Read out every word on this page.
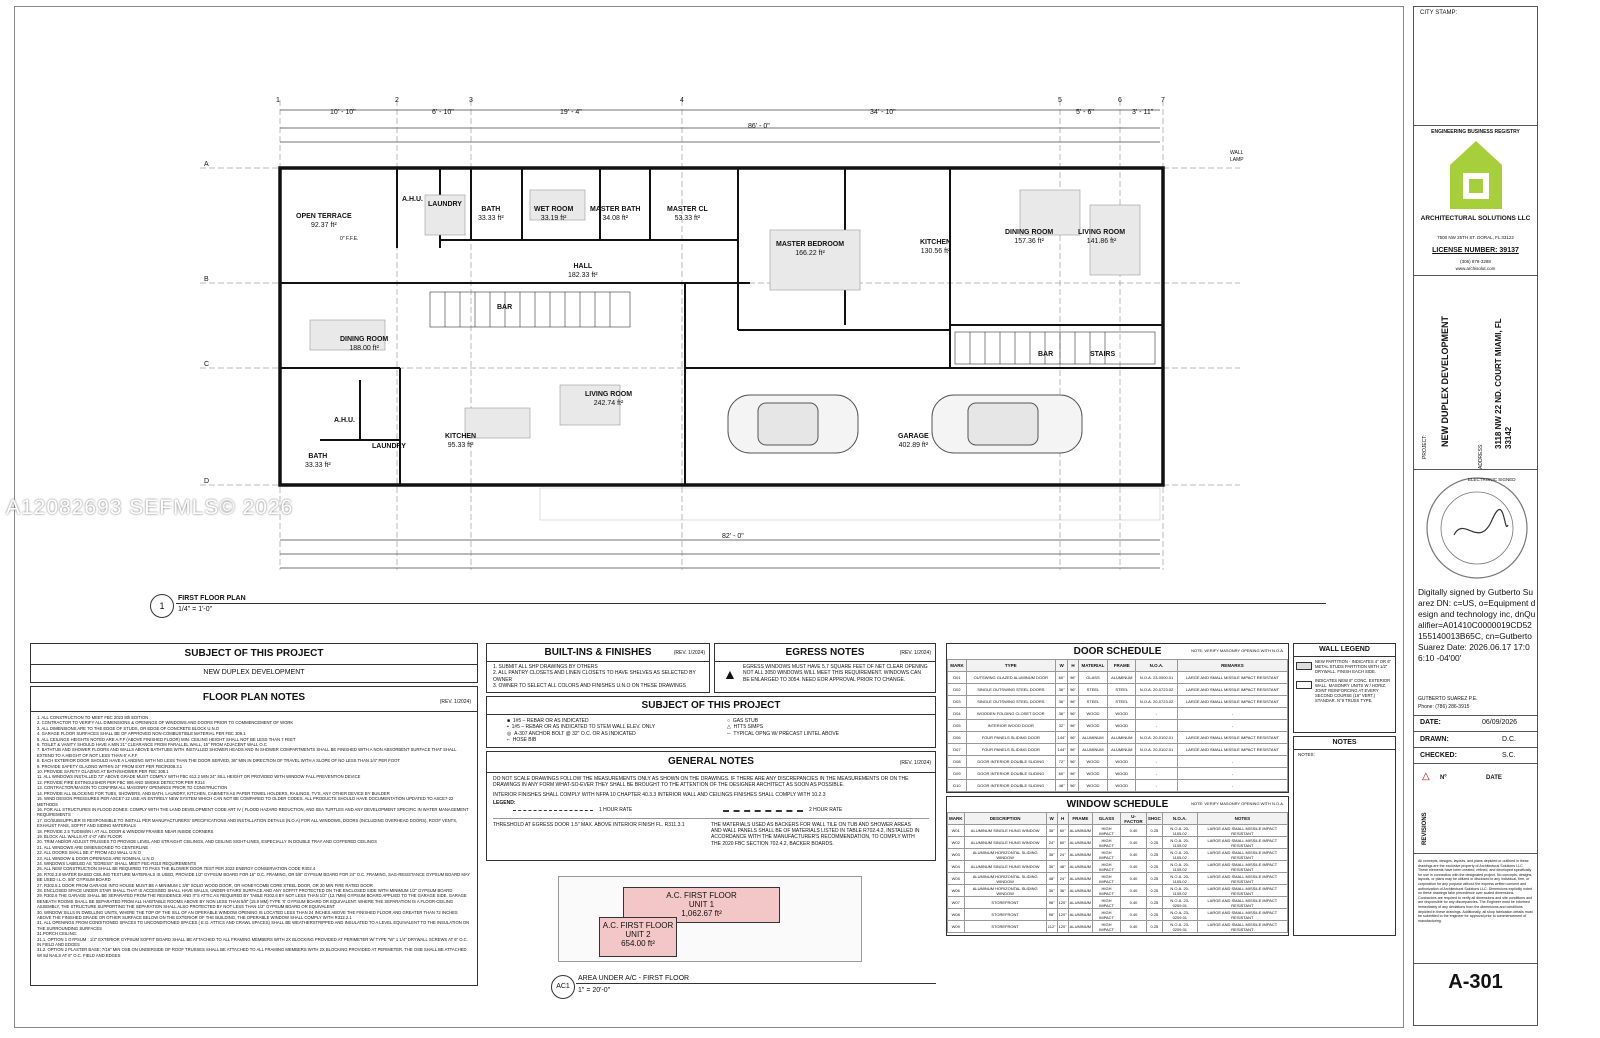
1	2	3	4	5	6	7
A
B
C
D
10' - 10"	6' - 10"	19' - 4"	34' - 10"	5' - 6"	3' - 11"
86' - 0"
82' - 0"
OPEN TERRACE
92.37 ft²
A.H.U.
LAUNDRY
BATH
33.33 ft²
WET ROOM
33.19 ft²
MASTER BATH
34.08 ft²
MASTER CL
53.33 ft²
HALL
182.33 ft²
MASTER BEDROOM
166.22 ft²
KITCHEN
130.56 ft²
DINING ROOM
157.36 ft²
LIVING ROOM
141.86 ft²
DINING ROOM
188.00 ft²
BAR
LIVING ROOM
242.74 ft²
KITCHEN
95.33 ft²
BATH
33.33 ft²
A.H.U.
LAUNDRY
GARAGE
402.89 ft²
BAR	STAIRS
0" F.F.E.
WALL LAMP
A12082693 SEFMLS© 2026
1
FIRST FLOOR PLAN
1/4" = 1'-0"
SUBJECT OF THIS PROJECT
NEW DUPLEX DEVELOPMENT
FLOOR PLAN NOTES	(REV. 1/2024)
1. ALL CONSTRUCTION TO MEET FBC 2023 8th EDITION
2. CONTRACTOR TO VERIFY ALL DIMENSIONS & OPENINGS OF WINDOWS AND DOORS PRIOR TO COMMENCEMENT OF WORK
3. ALL DIMENSIONS ARE TO THE EDGE OF STUDS, OR EDGE OF CONCRETE BLOCK U.N.O
4. GARAGE FLOOR SURFACES SHALL BE OF APPROVED NON-COMBUSTIBLE MATERIAL PER FBC 309.1
5. ALL CEILINGS HEIGHTS NOTED ARE A.F.F (ABOVE FINISHED FLOOR) MIN. CEILING HEIGHT SHALL NOT BE LESS THAN 7 FEET
6. TOILET & VANITY SHOULD HAVE A MIN 21" CLEARANCE FROM PARALLEL WALL, 15" FROM ADJACENT WALL O.C
7. BATHTUB AND SHOWER FLOORS AND WALLS ABOVE BATHTUBS WITH INSTALLED SHOWER HEADS AND IN SHOWER COMPARTMENTS SHALL BE FINISHED WITH A NON ABSORBENT SURFACE THAT SHALL EXTEND TO A HEIGHT OF NOT LESS THAN 6' A.F.F
8. EACH EXTERIOR DOOR SHOULD HAVE A LANDING WITH NO LESS THAN THE DOOR SERVED, 36" MIN IN DIRECTION OF TRAVEL WITH A SLOPE OF NO LESS THAN 1/4" PER FOOT
9. PROVIDE SAFETY GLAZING WITHIN 24" FROM EXIT PER FBC/R308.3.1
10. PROVIDE SAFETY GLAZING AT BATH/SHOWER PER FBC 308.1
11. ALL WINDOWS INSTALLED 72" ABOVE GRADE MUST COMPLY WITH FBC 612.2 MIN 24" SILL HEIGHT OR PROVIDED WITH WINDOW FALL PREVENTION DEVICE
12. PROVIDE FIRE EXTINGUISHER PER FBC 906 AND SMOKE DETECTOR PER R314
13. CONTRACTOR/MASON TO CONFIRM ALL MASONRY OPENINGS PRIOR TO CONSTRUCTION
14. PROVIDE ALL BLOCKING FOR TUBS, SHOWERS, AND BATH, LAUNDRY, KITCHEN, CABINETS AS PAPER TOWEL HOLDERS, RAILINGS, TV'S, ANY OTHER DEVICE BY BUILDER
15. WIND DESIGN PRESSURES PER ASCE7-22 USE AN ENTIRELY NEW SYSTEM WHICH CAN NOT BE COMPARED TO OLDER CODES. ALL PRODUCTS SHOULD HAVE DOCUMENTATION UPDATED TO ASCE7-22 METHODS
16. FOR ALL STRUCTURES IN FLOOD ZONES: COMPLY WITH THE LAND DEVELOPMENT CODE ART IV ( FLOOD HAZARD REDUCTION, AND SEA TURTLES AND ANY DEVELOPMENT SPECIFIC IN WATER MANAGEMENT REQUIREMENTS
17. GC/SUBSUPPLIER IS RESPONSIBLE TO INSTALL PER MANUFACTURERS' SPECIFICATIONS AND INSTALLATION DETAILS (N.O.A) FOR ALL WINDOWS, DOORS (INCLUDING OVERHEAD DOORS), ROOF VENTS, EXHAUST FANS, SOFFIT AND SIDING MATERIALS
18. PROVIDE 2.5 TUDSM/IN I AT ALL DOOR & WINDOW FRAMES NEAR INSIDE CORNERS
19. BLOCK ALL WALLS AT 4'-0" ABV FLOOR
20. TRIM AND/OR ADJUST TRUSSES TO PROVIDE LEVEL AND STRAIGHT CEILINGS, AND CEILING SIGHT-LINES, ESPECIALLY IN DOUBLE TRAY AND COFFERED CEILINGS
21. ALL WINDOWS ARE DIMENSIONED TO CENTERLINE
22. ALL DOORS SHALL BE 4" FROM ADJ WALL U.N.O
23. ALL WINDOW & DOOR OPENINGS ARE NOMINAL U.N.O
24. WINDOWS LABELED AS "EGRESS" SHALL MEET FBC-R310 REQUIREMENTS
25. ALL NEW CONSTRUCTION SHALL BE REQUIRED TO PASS THE BLOWER DOOR TEST PER 2023 ENERGY CONSERVATION CODE R402.4
26. R702.3.8 WATER BASED CEILING TEXTURE MATERIALS IS USED, PROVIDE 1/2" GYPSUM BOARD FOR 16" O.C. FRAMING, OR 5/8" GYPSUM BOARD FOR 24" O.C. FRAMING, SAG-RESISTANCE GYPSUM BOARD MAY BE USED I.L.O. 5/8" GYPSUM BOARD
27. R302.5.1 DOOR FROM GARAGE INTO HOUSE MUST BE A MINIMUM 1 3/8" SOLID WOOD DOOR, OR HONEYCOMB CORE STEEL DOOR, OR 20 MIN FIRE RATED DOOR
28. ENCLOSED SPACE UNDER STAIR SHALL THAT IS ACCESSED SHALL HAVE WALLS, UNDER-STAIRS SURFACE AND ANY SOFFIT PROTECTED ON THE ENCLOSED SIDE WITH MINIMUM 1/2" GYPSUM BOARD
29. R302.6 THE GARAGE SHALL BE SEPARATED FROM THE RESIDENCE AND IT'S ATTIC AS REQUIRED BY TABLE R302.6 BY NOT LESS THAN 1/2" (12.7MM) GYPSUM BOARD APPLIED TO THE GARAGE SIDE. GARAGE BENEATH ROOMS SHALL BE SEPARATED FROM ALL HABITABLE ROOMS ABOVE BY NON LESS THAN 5/8" (15.9 MM) TYPE 'X' GYPSUM BOARD OR EQUIVALENT. WHERE THE SEPARATION IS A FLOOR-CEILING ASSEMBLY, THE STRUCTURE SUPPORTING THE SEPARATION SHALL ALSO PROTECTED BY NOT LESS THAN 1/2" GYPSUM BOARD OR EQUIVALENT
30. WINDOW SILLS IN DWELLING UNITS, WHERE THE TOP OF THE SILL OF AN OPERABLE WINDOW OPENING IS LOCATED LESS THAN 24 INCHES ABOVE THE FINISHED FLOOR AND GREATER THAN 72 INCHES ABOVE THE FINISHED GRADE OR OTHER SURFACE BELOW ON THE EXTERIOR OF THE BUILDING, THE OPERABLE WINDOW SHALL COMPLY WITH R312.2.1
31. ALL OPENINGS FROM CONDITIONED SPACES TO UNCONDITIONED SPACES ( E.G. ATTICS AND CRAWL SPACES) SHALL BE WEATHERSTRIPPED AND INSULATED TO A LEVEL EQUIVALENT TO THE INSULATION ON THE SURROUNDING SURFACES
31.PORCH CEILING:
31.1. OPTION 1 GYPSUM : 1/2" EXTERIOR GYPSUM SOFFIT BOARD SHALL BE ATTACHED TO ALL FRAMING MEMBERS WITH 2X BLOCKING PROVIDED AT PERIMETER W/ TYPE "W" 1 1/4" DRYWALL SCREWS AT 6" O.C. IN FIELD AND EDGES
31.2. OPTION 2 PLASTER BASE: 7/16" MIN OSB ON UNDERSIDE OF ROOF TRUSSES SHALL BE ATTACHED TO ALL FRAMING MEMBERS WITH 2X BLOCKING PROVIDED AT PERIMETER. THE OSB SHALL BE ATTACHED W/ 8d NAILS AT 6" O.C. FIELD AND EDGES
BUILT-INS & FINISHES	(REV. 1/2024)
1. SUBMIT ALL SHP DRAWINGS BY OTHERS
2. ALL PANTRY CLOSETS AND LINEN CLOSETS TO HAVE SHELVES AS SELECTED BY OWNER
3. OWNER TO SELECT ALL COLORS AND FINISHES U.N.O ON THESE DRAWINGS
EGRESS NOTES	(REV. 1/2024)
▲ EGRESS WINDOWS MUST HAVE 5.7 SQUARE FEET OF NET CLEAR OPENING NOT ALL 3050 WINDOWS WILL MEET THIS REQUIREMENT. WINDOWS CAN BE ENLARGED TO 3054. NEED EOR APPROVAL PRIOR TO CHANGE.
SUBJECT OF THIS PROJECT
■ 1#5 – REBAR OR AS INDICATED
▪ 1#5 – REBAR OR AS INDICATED TO STEM WALL ELEV. ONLY
◎ A-307 ANCHOR BOLT @ 32" O.C. OR AS INDICATED
⌐ HOSE BIB
○ GAS STUB
△ HTT5 SIMPS
─ TYPICAL OPNG W/ PRECAST LINTEL ABOVE
GENERAL NOTES	(REV. 1/2024)
DO NOT SCALE DRAWINGS FOLLOW THE MEASUREMENTS ONLY AS SHOWN ON THE DRAWINGS. IF THERE ARE ANY DISCREPANCIES IN THE MEASUREMENTS OR ON THE DRAWINGS IN ANY FORM WHAT-SO-EVER THEY SHALL BE BROUGHT TO THE ATTENTION OF THE DESIGNER ARCHITECT AS SOON AS POSSIBLE.
INTERIOR FINISHES SHALL COMPLY WITH NFPA 10 CHAPTER 40.3.3 INTERIOR WALL AND CEILINGS FINISHES SHALL COMPLY WITH 10.2.3
LEGEND:
1 HOUR RATE	2 HOUR RATE
THRESHOLD AT EGRESS DOOR 1.5" MAX. ABOVE INTERIOR FINISH FL. R311.3.1	THE MATERIALS USED AS BACKERS FOR WALL TILE ON TUB AND SHOWER AREAS AND WALL PANELS SHALL BE OF MATERIALS LISTED IN TABLE R702.4.2, INSTALLED IN ACCORDANCE WITH THE MANUFACTURER'S RECOMMENDATION, TO COMPLY WITH THE 2020 FBC SECTION 702.4.2, BACKER BOARDS.
A.C. FIRST FLOOR
UNIT 1
1,062.67 ft²
A.C. FIRST FLOOR
UNIT 2
654.00 ft²
AC1
AREA UNDER A/C - FIRST FLOOR
1" = 20'-0"
DOOR SCHEDULE	NOTE: VERIFY MASONRY OPENING WITH N.O.A.
MARK	TYPE	W	H	MATERIAL	FRAME	N.O.A.	REMARKS
D01	OUTSWING GLAZED ALUMINUM DOOR	60"	96"	GLASS	ALUMINUM	N.O.A. 23-0000.01	LARGE AND SMALL MISSILE IMPACT RESISTANT
D02	SINGLE OUTSWING STEEL DOORS	36"	96"	STEEL	STEEL	N.O.A. 20-0723.02	LARGE AND SMALL MISSILE IMPACT RESISTANT
D03	SINGLE OUTSWING STEEL DOORS	36"	96"	STEEL	STEEL	N.O.A. 20-0723.02	LARGE AND SMALL MISSILE IMPACT RESISTANT
D04	WOODEN FOLDING CLOSET DOOR	36"	96"	WOOD	WOOD	-	-
D05	INTERIOR WOOD DOOR	32"	96"	WOOD	WOOD	-	-
D06	FOUR PANELS SLIDING DOOR	144"	96"	ALUMINUM	ALUMINUM	N.O.A. 20-0102.01	LARGE AND SMALL MISSILE IMPACT RESISTANT
D07	FOUR PANELS SLIDING DOOR	144"	96"	ALUMINUM	ALUMINUM	N.O.A. 20-0102.01	LARGE AND SMALL MISSILE IMPACT RESISTANT
D08	DOOR INTERIOR DOUBLE SLIDING	72"	96"	WOOD	WOOD	-	-
D09	DOOR INTERIOR DOUBLE SLIDING	60"	96"	WOOD	WOOD	-	-
D10	DOOR INTERIOR DOUBLE SLIDING	48"	96"	WOOD	WOOD	-	-
WINDOW SCHEDULE	NOTE: VERIFY MASONRY OPENING WITH N.O.A.
MARK	DESCRIPTION	W	H	FRAME	GLASS	U-FACTOR	SHGC	N.O.A.	NOTES
W01	ALUMINUM SINGLE HUNG WINDOW	36"	60"	ALUMINUM	HIGH IMPACT	0.40	0.25	N.O.A. 20-1105.02	LARGE AND SMALL MISSILE IMPACT RESISTANT
W02	ALUMINUM SINGLE HUNG WINDOW	24"	60"	ALUMINUM	HIGH IMPACT	0.40	0.25	N.O.A. 20-1105.02	LARGE AND SMALL MISSILE IMPACT RESISTANT
W03	ALUMINUM HORIZONTAL SLIDING WINDOW	36"	24"	ALUMINUM	HIGH IMPACT	0.40	0.25	N.O.A. 20-1105.02	LARGE AND SMALL MISSILE IMPACT RESISTANT
W04	ALUMINUM SINGLE HUNG WINDOW	36"	48"	ALUMINUM	HIGH IMPACT	0.40	0.25	N.O.A. 20-1105.02	LARGE AND SMALL MISSILE IMPACT RESISTANT
W05	ALUMINUM HORIZONTAL SLIDING WINDOW	48"	24"	ALUMINUM	HIGH IMPACT	0.40	0.25	N.O.A. 20-1105.02	LARGE AND SMALL MISSILE IMPACT RESISTANT
W06	ALUMINUM HORIZONTAL SLIDING WINDOW	36"	36"	ALUMINUM	HIGH IMPACT	0.40	0.25	N.O.A. 20-1105.02	LARGE AND SMALL MISSILE IMPACT RESISTANT
W07	STOREFRONT	96"	120"	ALUMINUM	HIGH IMPACT	0.40	0.25	N.O.A. 23-0209.01	LARGE AND SMALL MISSILE IMPACT RESISTANT
W08	STOREFRONT	96"	120"	ALUMINUM	HIGH IMPACT	0.40	0.25	N.O.A. 23-0209.01	LARGE AND SMALL MISSILE IMPACT RESISTANT
W09	STOREFRONT	112"	120"	ALUMINUM	HIGH IMPACT	0.40	0.25	N.O.A. 23-0209.01	LARGE AND SMALL MISSILE IMPACT RESISTANT
WALL LEGEND
NEW PARTITION - INDICATES 4" OR 6" METAL STUDS PARTITION WITH 1/2" DRYWALL. FINISH EACH SIDE.
INDICATES NEW 8" CONC. EXTERIOR WALL. MASONRY UNITS W / HORIZ. JOINT REINFORCING AT EVERY SECOND COURSE (16" VERT.) STANDAR. N°9 TRUSS TYPE.
NOTES
NOTES:
CITY STAMP:
ENGINEERING BUSINESS REGISTRY
ARCHITECTURAL SOLUTIONS LLC
7500 NW 25TH ST. DORAL, FL 33122
LICENSE NUMBER: 39137
(305) 878-3288
www.archisolut.com
PROJECT: NEW DUPLEX DEVELOPMENT
ADDRESS:
3118 NW 22 ND. COURT MIAMI, FL 33142
ELECTRONIC SIGNED
Digitally signed by Gutberto Suarez DN: c=US, o=Equipment design and technology inc, dnQualifier=A01410C0000019CD52155140013B65C, cn=Gutberto Suarez Date: 2026.06.17 17:06:10 -04'00'
GUTBERTO SUAREZ P.E.
Phone: (786) 286-3915
DATE:	06/09/2026
DRAWN:	D.C.
CHECKED:	S.C.
△ Nº	DATE
REVISIONS
All concepts, designs, layouts, and plans depicted or outlined in these drawings are the exclusive property of Architectural Solutions LLC. These elements have been created, refined, and developed specifically for use in connection with the designated project. No concepts, designs, layouts, or plans may be utilized or disclosed to any individual, firm, or corporation for any purpose without the express written consent and authorization of Architectural Solutions LLC. Dimensions explicitly noted on these drawings take precedence over scaled dimensions. Contractors are required to verify all dimensions and site conditions and are responsible for any discrepancies. The Engineer must be informed immediately of any deviations from the dimensions and conditions depicted in these drawings. Additionally, all shop fabrication details must be submitted to the engineer for approval prior to commencement of manufacturing.
A-301
